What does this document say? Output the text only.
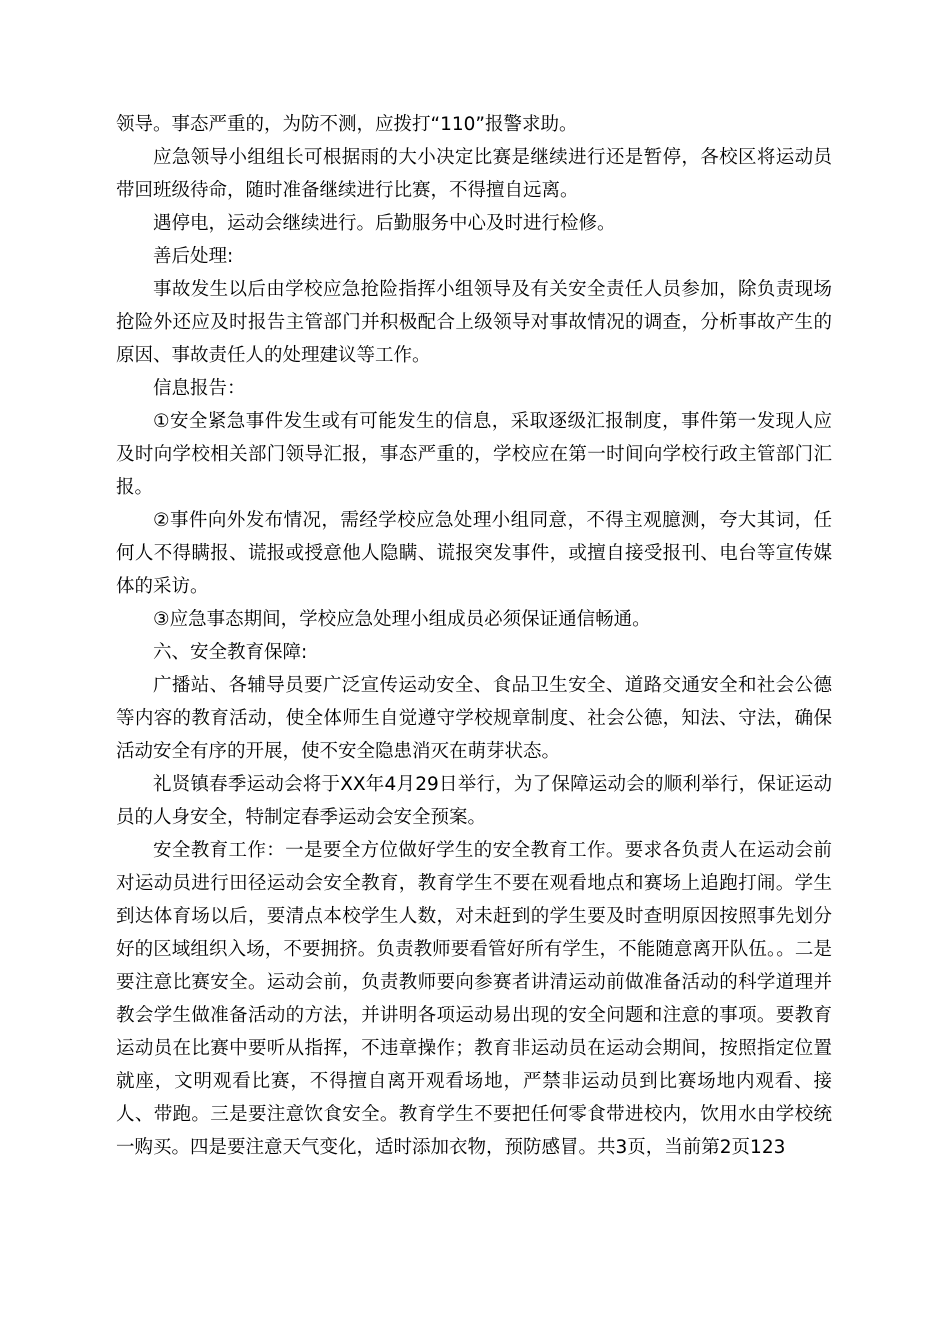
领导。事态严重的，为防不测，应拨打“110”报警求助。

应急领导小组组长可根据雨的大小决定比赛是继续进行还是暂停，各校区将运动员带回班级待命，随时准备继续进行比赛，不得擅自远离。

遇停电，运动会继续进行。后勤服务中心及时进行检修。

善后处理:

事故发生以后由学校应急抢险指挥小组领导及有关安全责任人员参加，除负责现场抢险外还应及时报告主管部门并积极配合上级领导对事故情况的调查，分析事故产生的原因、事故责任人的处理建议等工作。

信息报告：

①安全紧急事件发生或有可能发生的信息，采取逐级汇报制度，事件第一发现人应及时向学校相关部门领导汇报，事态严重的，学校应在第一时间向学校行政主管部门汇报。

②事件向外发布情况，需经学校应急处理小组同意，不得主观臆测，夸大其词，任何人不得瞒报、谎报或授意他人隐瞒、谎报突发事件，或擅自接受报刊、电台等宣传媒体的采访。

③应急事态期间，学校应急处理小组成员必须保证通信畅通。

六、安全教育保障:

广播站、各辅导员要广泛宣传运动安全、食品卫生安全、道路交通安全和社会公德等内容的教育活动，使全体师生自觉遵守学校规章制度、社会公德，知法、守法，确保活动安全有序的开展，使不安全隐患消灭在萌芽状态。

礼贤镇春季运动会将于XX年4月29日举行，为了保障运动会的顺利举行，保证运动员的人身安全，特制定春季运动会安全预案。

安全教育工作：一是要全方位做好学生的安全教育工作。要求各负责人在运动会前对运动员进行田径运动会安全教育，教育学生不要在观看地点和赛场上追跑打闹。学生到达体育场以后，要清点本校学生人数，对未赶到的学生要及时查明原因按照事先划分好的区域组织入场，不要拥挤。负责教师要看管好所有学生，不能随意离开队伍。。二是要注意比赛安全。运动会前，负责教师要向参赛者讲清运动前做准备活动的科学道理并教会学生做准备活动的方法，并讲明各项运动易出现的安全问题和注意的事项。要教育运动员在比赛中要听从指挥，不违章操作；教育非运动员在运动会期间，按照指定位置就座，文明观看比赛，不得擅自离开观看场地，严禁非运动员到比赛场地内观看、接人、带跑。三是要注意饮食安全。教育学生不要把任何零食带进校内，饮用水由学校统一购买。四是要注意天气变化，适时添加衣物，预防感冒。共3页，当前第2页123
